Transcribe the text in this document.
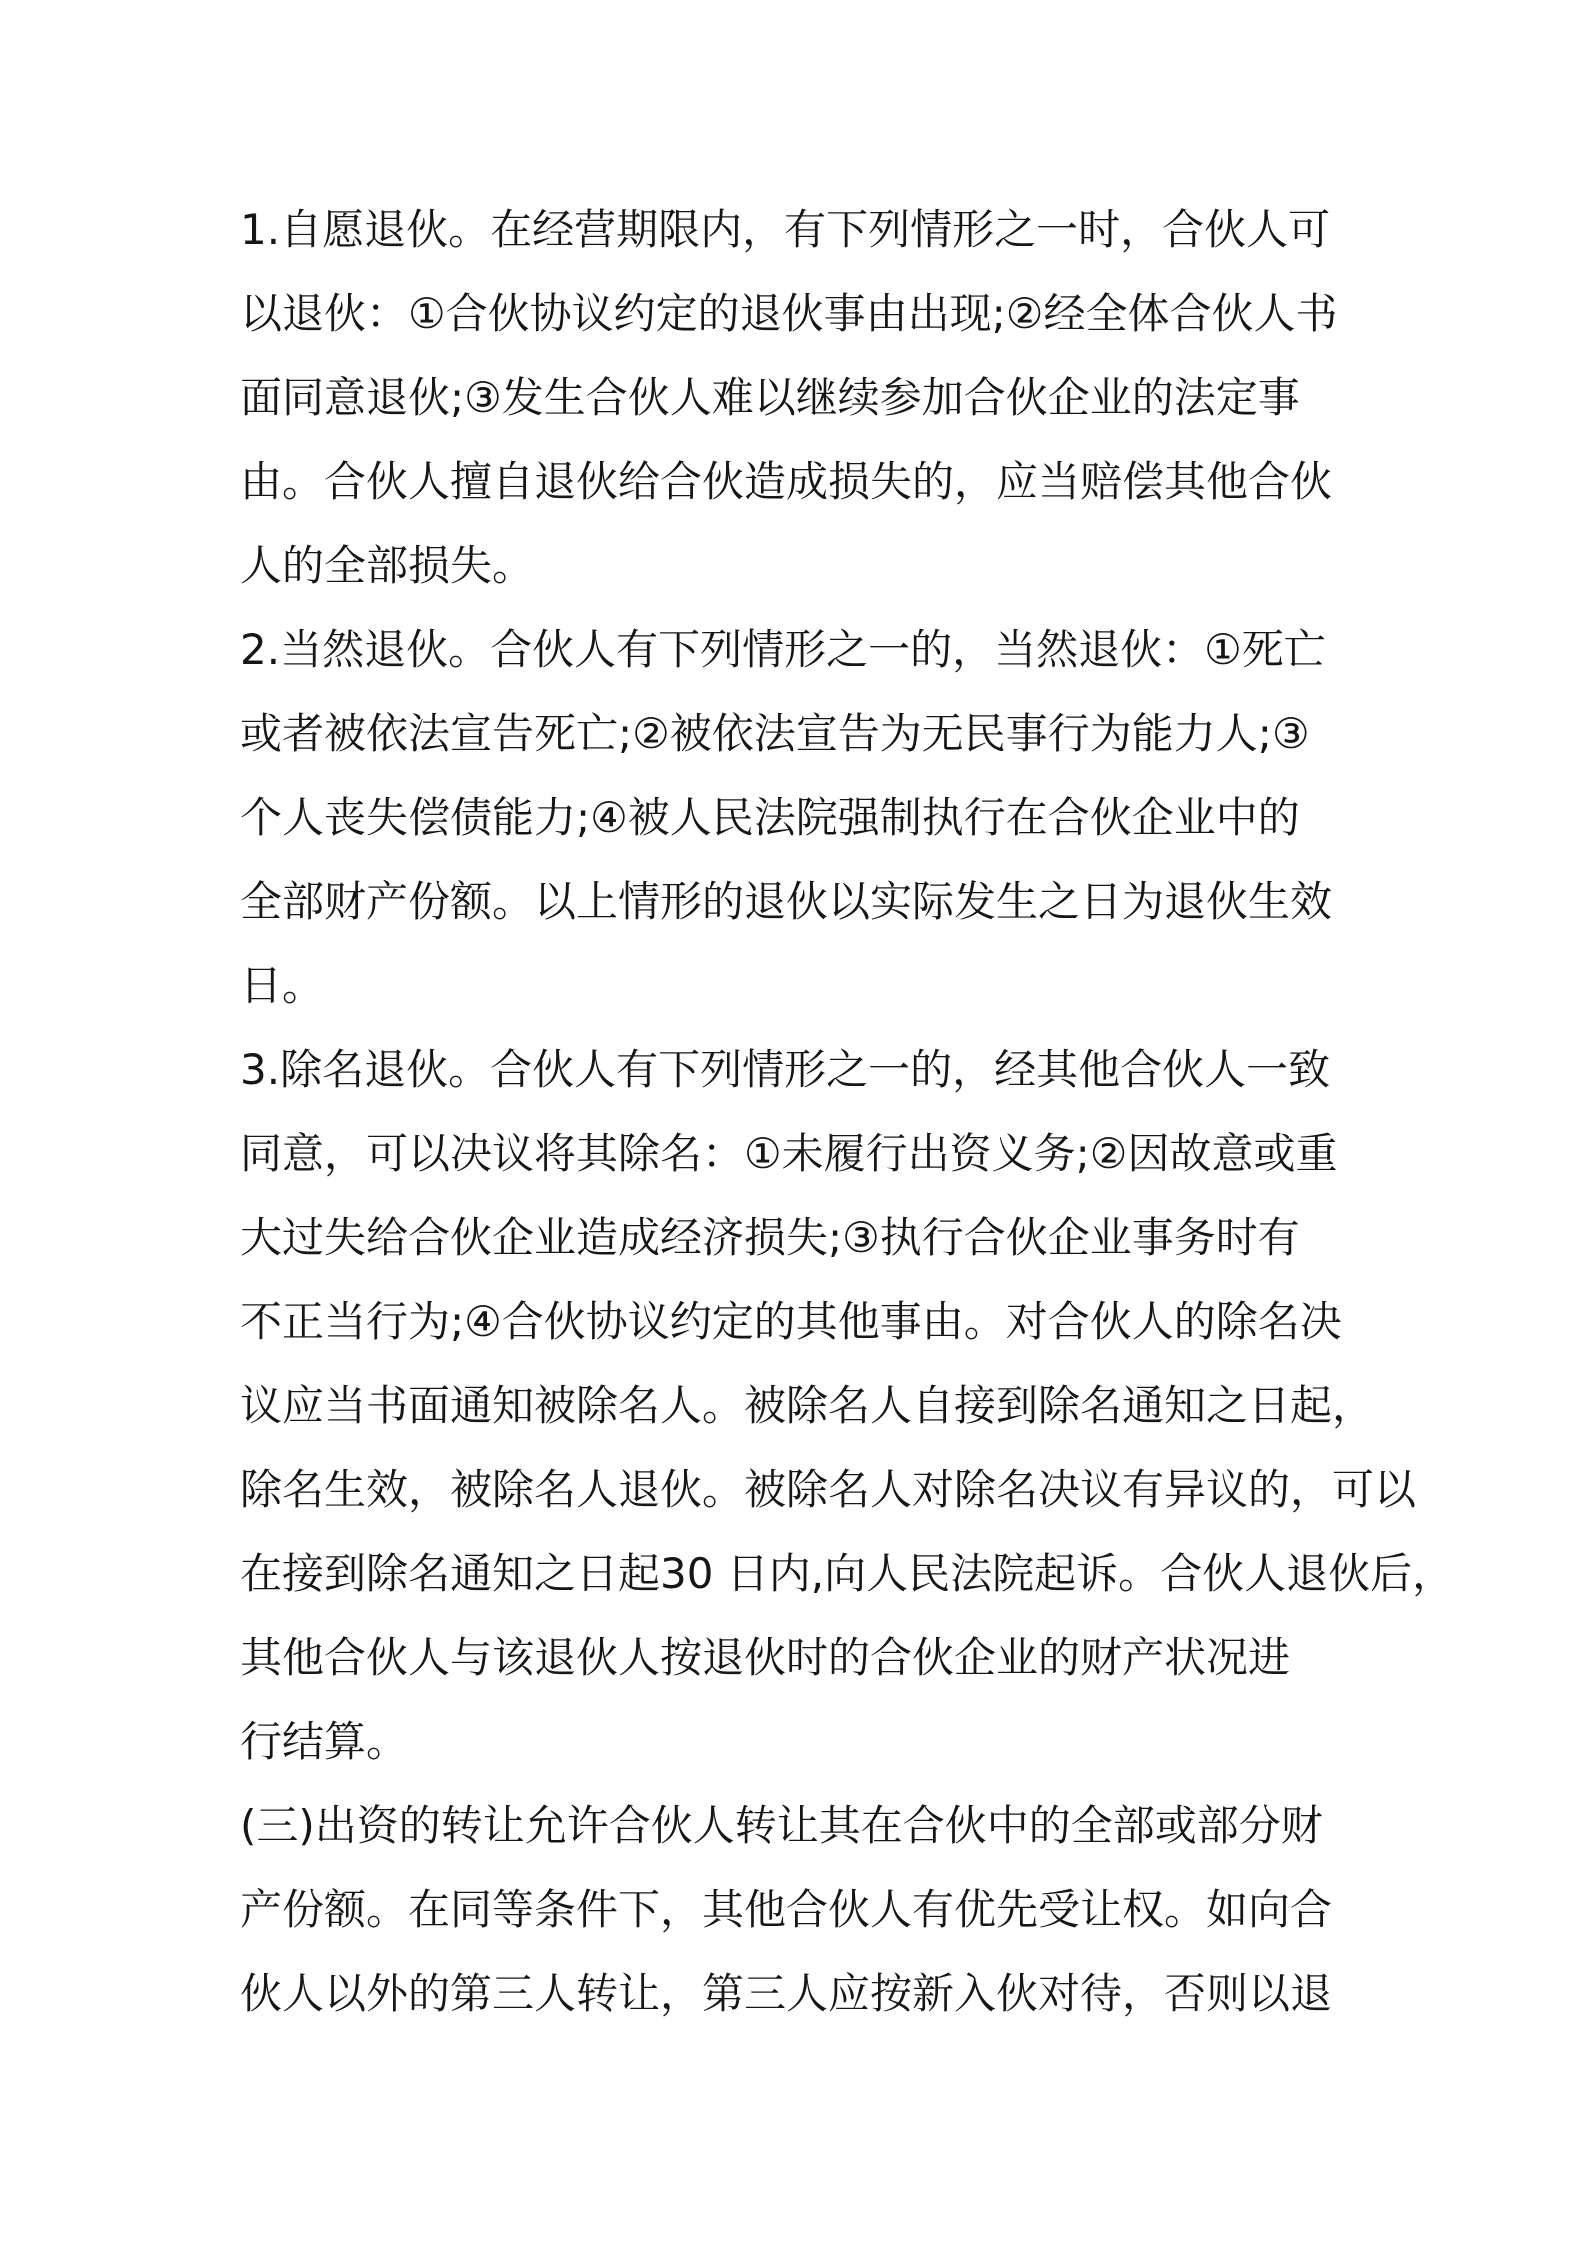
1.自愿退伙。在经营期限内，有下列情形之一时，合伙人可
以退伙：①合伙协议约定的退伙事由出现;②经全体合伙人书
面同意退伙;③发生合伙人难以继续参加合伙企业的法定事
由。合伙人擅自退伙给合伙造成损失的，应当赔偿其他合伙
人的全部损失。
2.当然退伙。合伙人有下列情形之一的，当然退伙：①死亡
或者被依法宣告死亡;②被依法宣告为无民事行为能力人;③
个人丧失偿债能力;④被人民法院强制执行在合伙企业中的
全部财产份额。以上情形的退伙以实际发生之日为退伙生效
日。
3.除名退伙。合伙人有下列情形之一的，经其他合伙人一致
同意，可以决议将其除名：①未履行出资义务;②因故意或重
大过失给合伙企业造成经济损失;③执行合伙企业事务时有
不正当行为;④合伙协议约定的其他事由。对合伙人的除名决
议应当书面通知被除名人。被除名人自接到除名通知之日起，
除名生效，被除名人退伙。被除名人对除名决议有异议的，可以
在接到除名通知之日起30 日内,向人民法院起诉。合伙人退伙后，
其他合伙人与该退伙人按退伙时的合伙企业的财产状况进
行结算。
(三)出资的转让允许合伙人转让其在合伙中的全部或部分财
产份额。在同等条件下，其他合伙人有优先受让权。如向合
伙人以外的第三人转让，第三人应按新入伙对待，否则以退
